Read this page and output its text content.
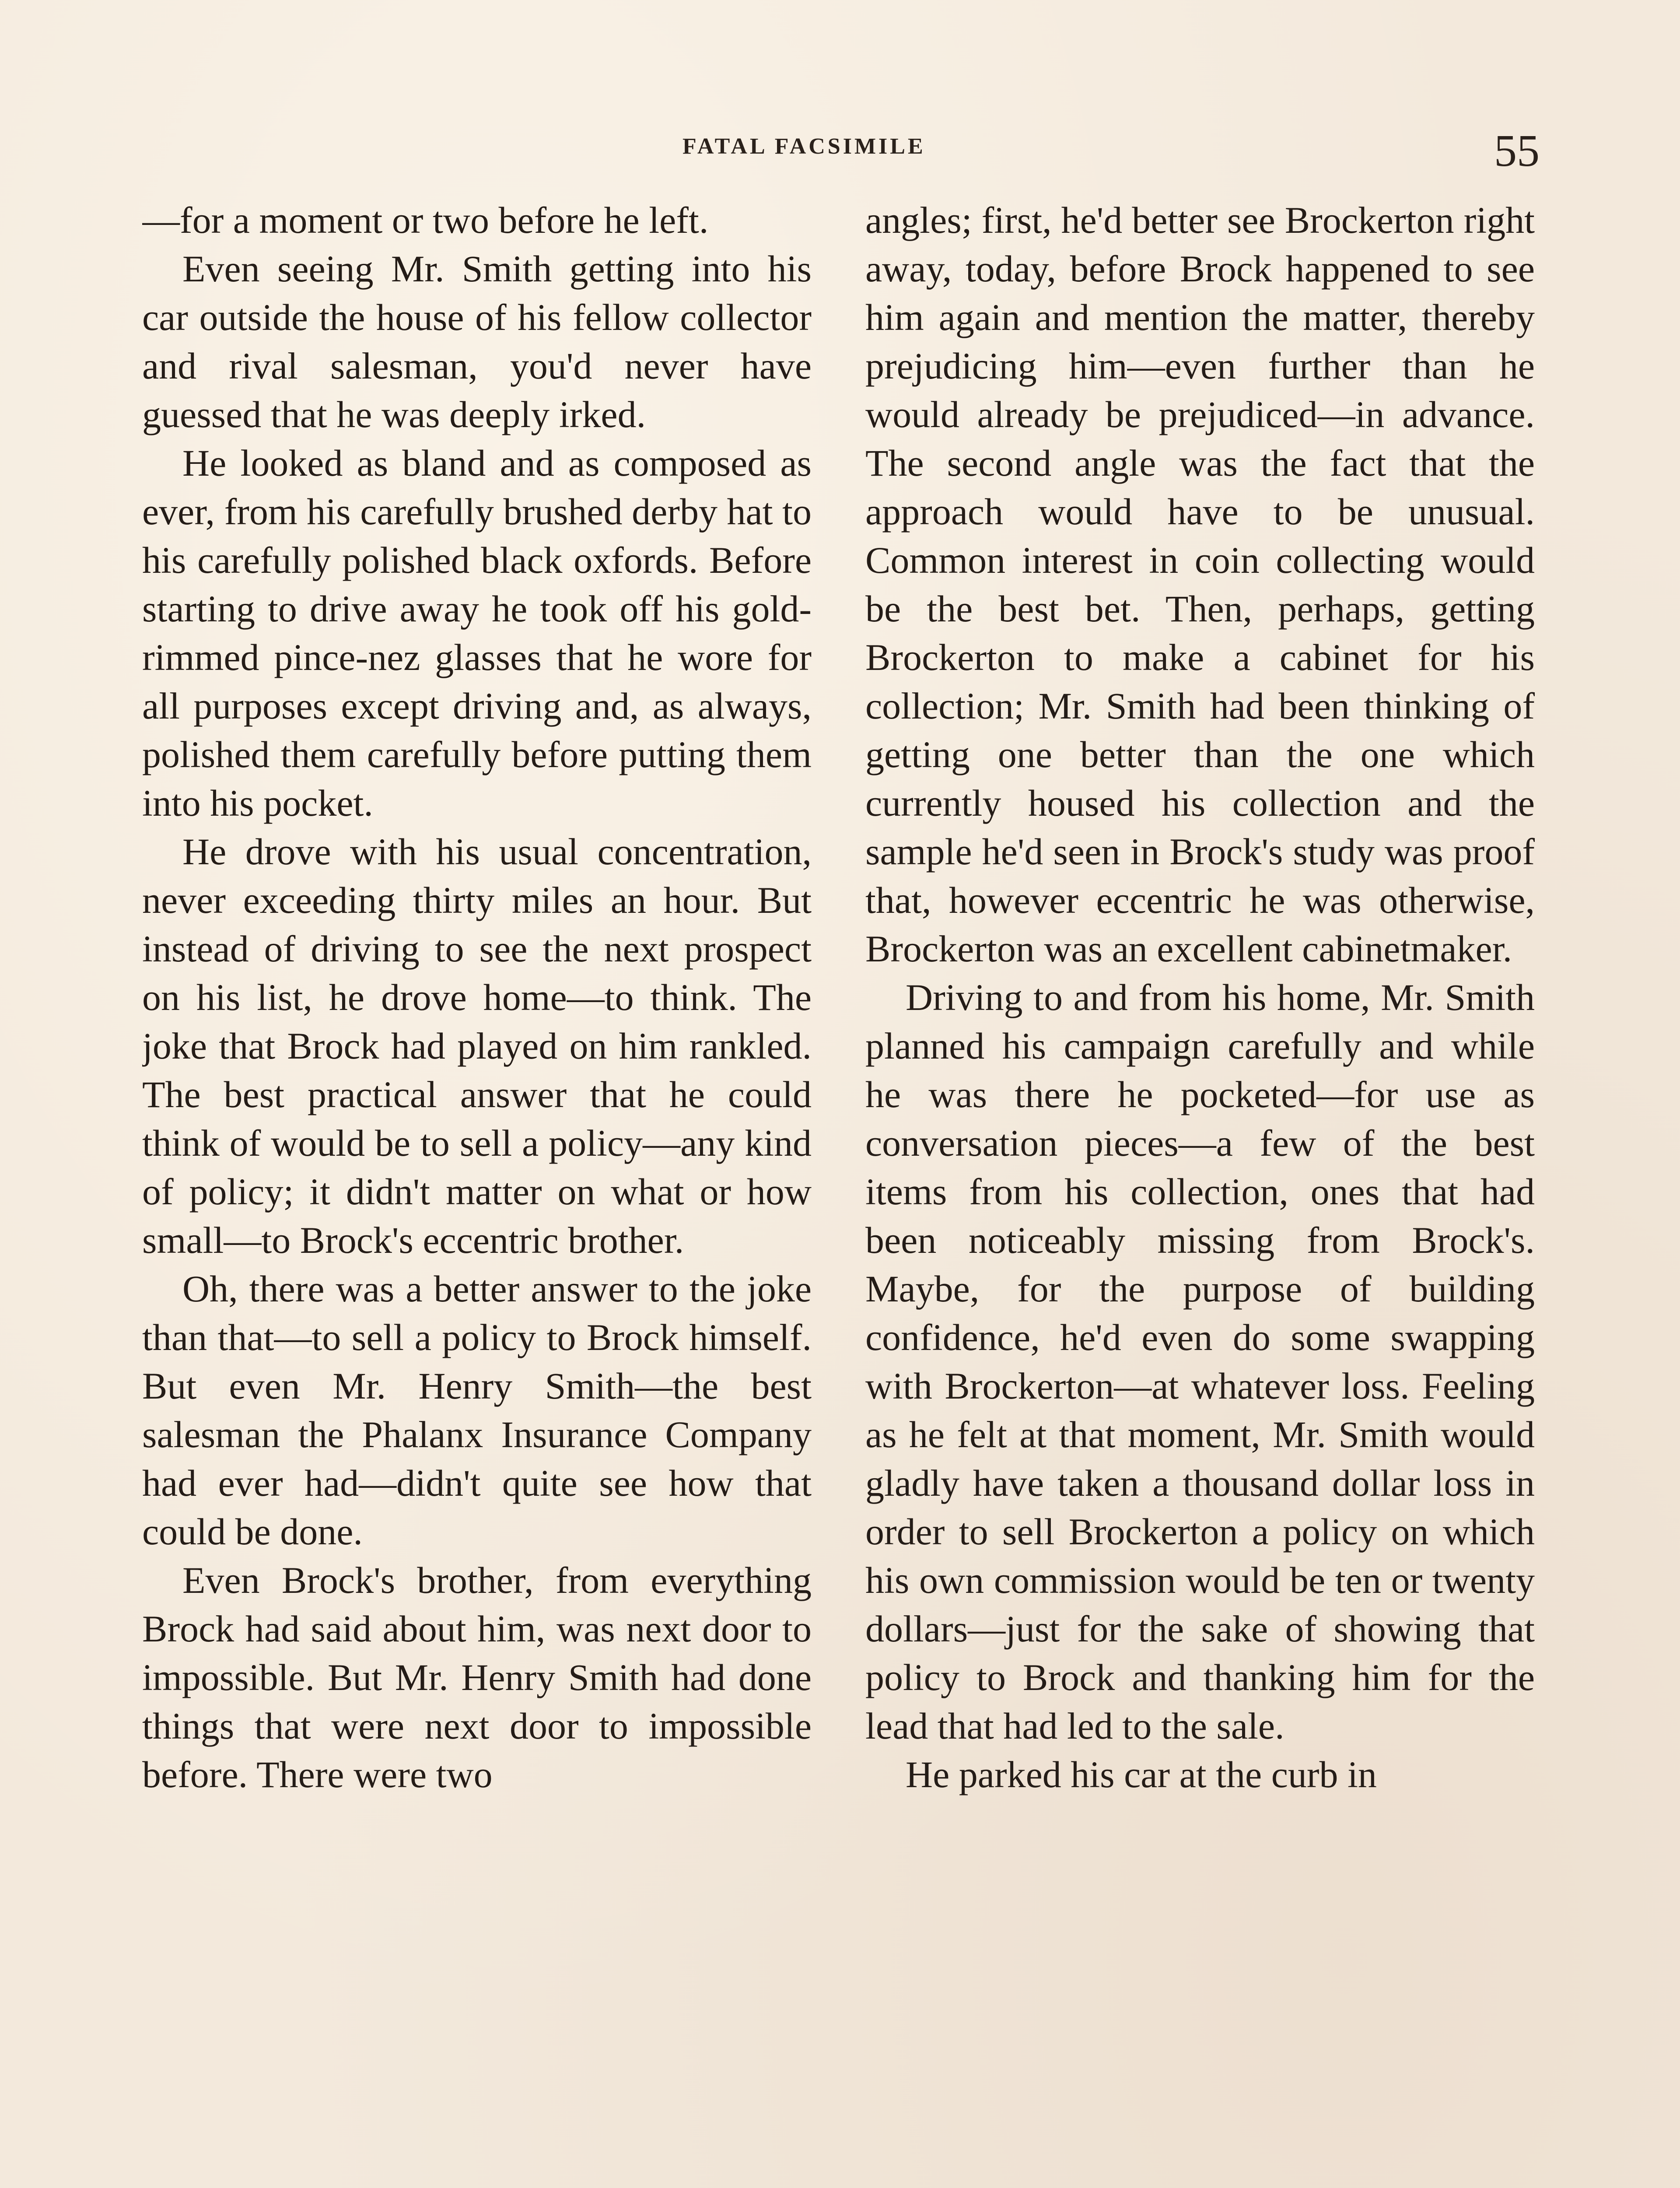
FATAL FACSIMILE	55

—for a moment or two before he left.

Even seeing Mr. Smith getting into his car outside the house of his fellow collector and rival salesman, you'd never have guessed that he was deeply irked.

He looked as bland and as composed as ever, from his carefully brushed derby hat to his carefully polished black oxfords. Before starting to drive away he took off his gold-rimmed pince-nez glasses that he wore for all purposes except driving and, as always, polished them carefully before putting them into his pocket.

He drove with his usual concentration, never exceeding thirty miles an hour. But instead of driving to see the next prospect on his list, he drove home—to think. The joke that Brock had played on him rankled. The best practical answer that he could think of would be to sell a policy—any kind of policy; it didn't matter on what or how small—to Brock's eccentric brother.

Oh, there was a better answer to the joke than that—to sell a policy to Brock himself. But even Mr. Henry Smith—the best salesman the Phalanx Insurance Company had ever had—didn't quite see how that could be done.

Even Brock's brother, from everything Brock had said about him, was next door to impossible. But Mr. Henry Smith had done things that were next door to impossible before. There were two

angles; first, he'd better see Brockerton right away, today, before Brock happened to see him again and mention the matter, thereby prejudicing him—even further than he would already be prejudiced—in advance. The second angle was the fact that the approach would have to be unusual. Common interest in coin collecting would be the best bet. Then, perhaps, getting Brockerton to make a cabinet for his collection; Mr. Smith had been thinking of getting one better than the one which currently housed his collection and the sample he'd seen in Brock's study was proof that, however eccentric he was otherwise, Brockerton was an excellent cabinetmaker.

Driving to and from his home, Mr. Smith planned his campaign carefully and while he was there he pocketed—for use as conversation pieces—a few of the best items from his collection, ones that had been noticeably missing from Brock's. Maybe, for the purpose of building confidence, he'd even do some swapping with Brockerton—at whatever loss. Feeling as he felt at that moment, Mr. Smith would gladly have taken a thousand dollar loss in order to sell Brockerton a policy on which his own commission would be ten or twenty dollars—just for the sake of showing that policy to Brock and thanking him for the lead that had led to the sale.

He parked his car at the curb in
